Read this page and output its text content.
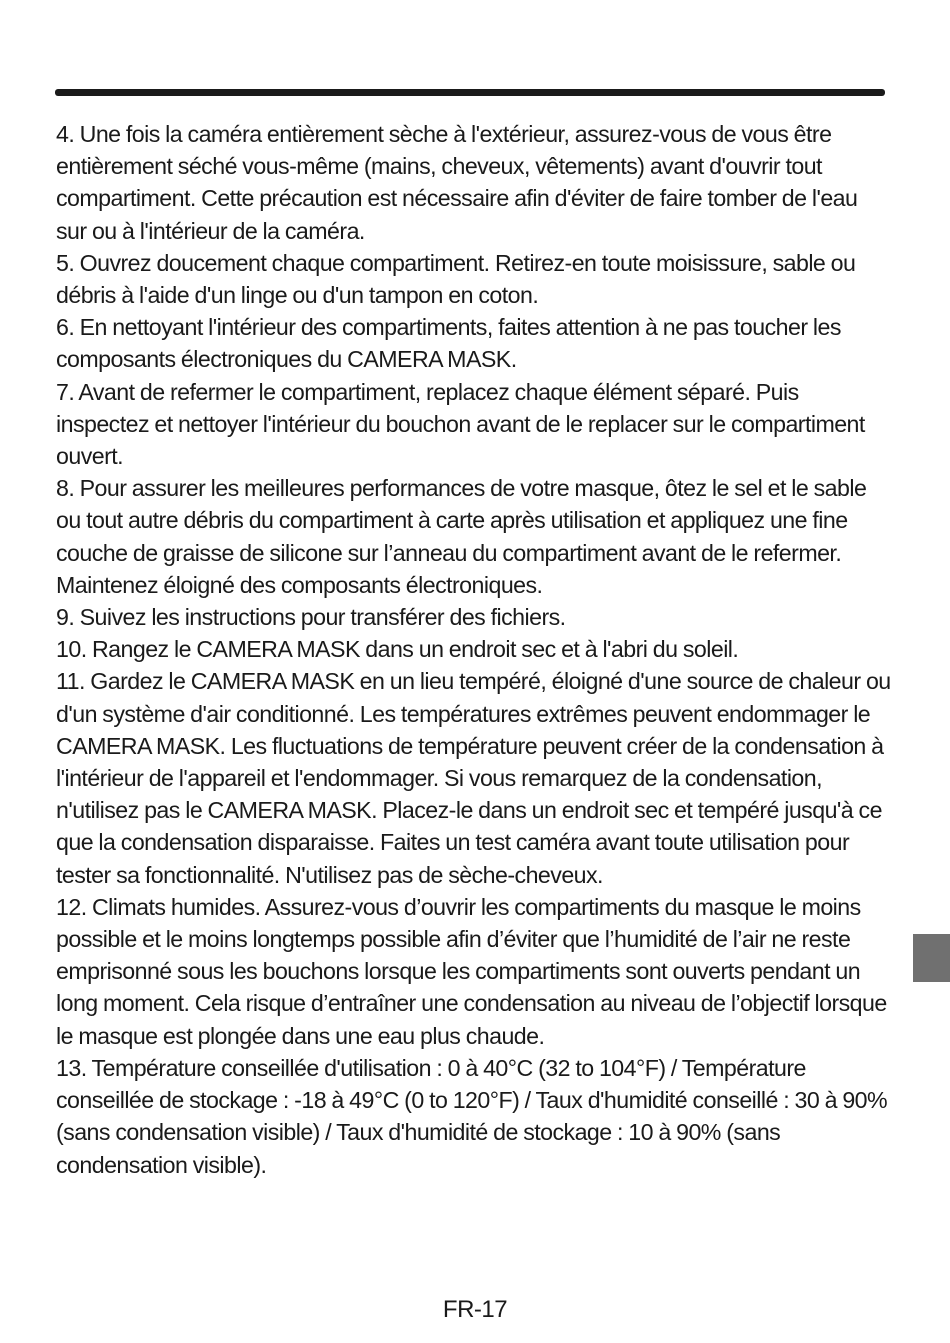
4. Une fois la caméra entièrement sèche à l'extérieur, assurez-vous de vous être entièrement séché vous-même (mains, cheveux, vêtements) avant d'ouvrir tout compartiment. Cette précaution est nécessaire afin d'éviter de faire tomber de l'eau sur ou à l'intérieur de la caméra.

5. Ouvrez doucement chaque compartiment. Retirez-en toute moisissure, sable ou débris à l'aide d'un linge ou d'un tampon en coton.

6. En nettoyant l'intérieur des compartiments, faites attention à ne pas toucher les composants électroniques du CAMERA MASK.

7. Avant de refermer le compartiment, replacez chaque élément séparé. Puis inspectez et nettoyer l'intérieur du bouchon avant de le replacer sur le compartiment ouvert.

8. Pour assurer les meilleures performances de votre masque, ôtez le sel et le sable ou tout autre débris du compartiment à carte après utilisation et appliquez une fine couche de graisse de silicone sur l’anneau du compartiment avant de le refermer. Maintenez éloigné des composants électroniques.

9. Suivez les instructions pour transférer des fichiers.

10. Rangez le CAMERA MASK dans un endroit sec et à l'abri du soleil.

11. Gardez le CAMERA MASK en un lieu tempéré, éloigné d'une source de chaleur ou d'un système d'air conditionné. Les températures extrêmes peuvent endommager le CAMERA MASK. Les fluctuations de température peuvent créer de la condensation à l'intérieur de l'appareil et l'endommager. Si vous remarquez de la condensation, n'utilisez pas le CAMERA MASK. Placez-le dans un endroit sec et tempéré jusqu'à ce que la condensation disparaisse. Faites un test caméra avant toute utilisation pour tester sa fonctionnalité. N'utilisez pas de sèche-cheveux.

12. Climats humides. Assurez-vous d’ouvrir les compartiments du masque le moins possible et le moins longtemps possible afin d’éviter que l’humidité de l’air ne reste emprisonné sous les bouchons lorsque les compartiments sont ouverts pendant un long moment. Cela risque d’entraîner une condensation au niveau de l’objectif lorsque le masque est plongée dans une eau plus chaude.

13. Température conseillée d'utilisation : 0 à 40°C (32 to 104°F) / Température conseillée de stockage : -18 à 49°C (0 to 120°F) / Taux d'humidité conseillé : 30 à 90% (sans condensation visible) / Taux d'humidité de stockage : 10 à 90% (sans condensation visible).

FR-17
